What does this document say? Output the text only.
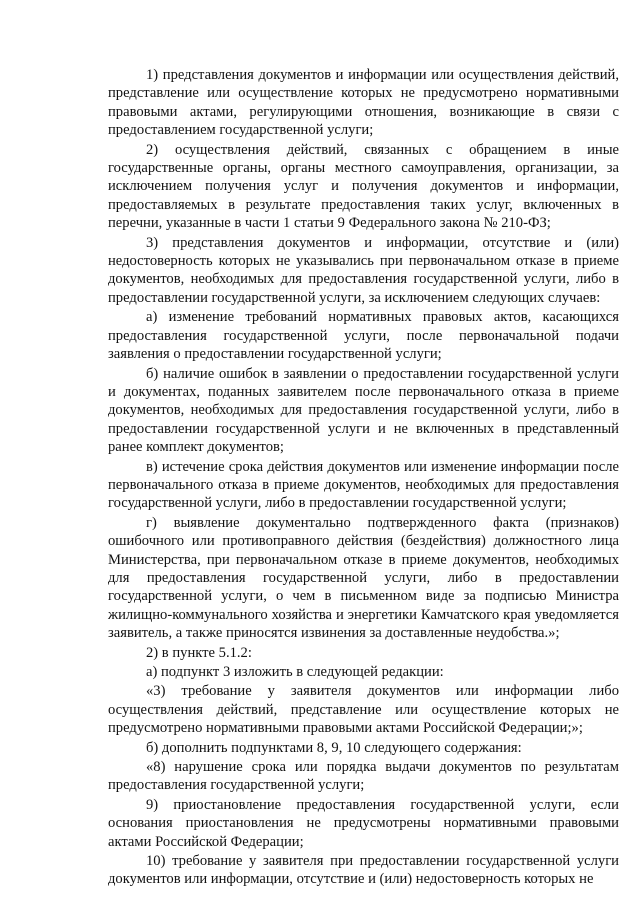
1) представления документов и информации или осуществления действий, представление или осуществление которых не предусмотрено нормативными правовыми актами, регулирующими отношения, возникающие в связи с предоставлением государственной услуги;

2) осуществления действий, связанных с обращением в иные государственные органы, органы местного самоуправления, организации, за исключением получения услуг и получения документов и информации, предоставляемых в результате предоставления таких услуг, включенных в перечни, указанные в части 1 статьи 9 Федерального закона № 210-ФЗ;

3) представления документов и информации, отсутствие и (или) недостоверность которых не указывались при первоначальном отказе в приеме документов, необходимых для предоставления государственной услуги, либо в предоставлении государственной услуги, за исключением следующих случаев:

а) изменение требований нормативных правовых актов, касающихся предоставления государственной услуги, после первоначальной подачи заявления о предоставлении государственной услуги;

б) наличие ошибок в заявлении о предоставлении государственной услуги и документах, поданных заявителем после первоначального отказа в приеме документов, необходимых для предоставления государственной услуги, либо в предоставлении государственной услуги и не включенных в представленный ранее комплект документов;

в) истечение срока действия документов или изменение информации после первоначального отказа в приеме документов, необходимых для предоставления государственной услуги, либо в предоставлении государственной услуги;

г) выявление документально подтвержденного факта (признаков) ошибочного или противоправного действия (бездействия) должностного лица Министерства, при первоначальном отказе в приеме документов, необходимых для предоставления государственной услуги, либо в предоставлении государственной услуги, о чем в письменном виде за подписью Министра жилищно-коммунального хозяйства и энергетики Камчатского края уведомляется заявитель, а также приносятся извинения за доставленные неудобства.»;

2) в пункте 5.1.2:

а) подпункт 3 изложить в следующей редакции:

«3) требование у заявителя документов или информации либо осуществления действий, представление или осуществление которых не предусмотрено нормативными правовыми актами Российской Федерации;»;

б) дополнить подпунктами 8, 9, 10 следующего содержания:

«8) нарушение срока или порядка выдачи документов по результатам предоставления государственной услуги;

9) приостановление предоставления государственной услуги, если основания приостановления не предусмотрены нормативными правовыми актами Российской Федерации;

10) требование у заявителя при предоставлении государственной услуги документов или информации, отсутствие и (или) недостоверность которых не
